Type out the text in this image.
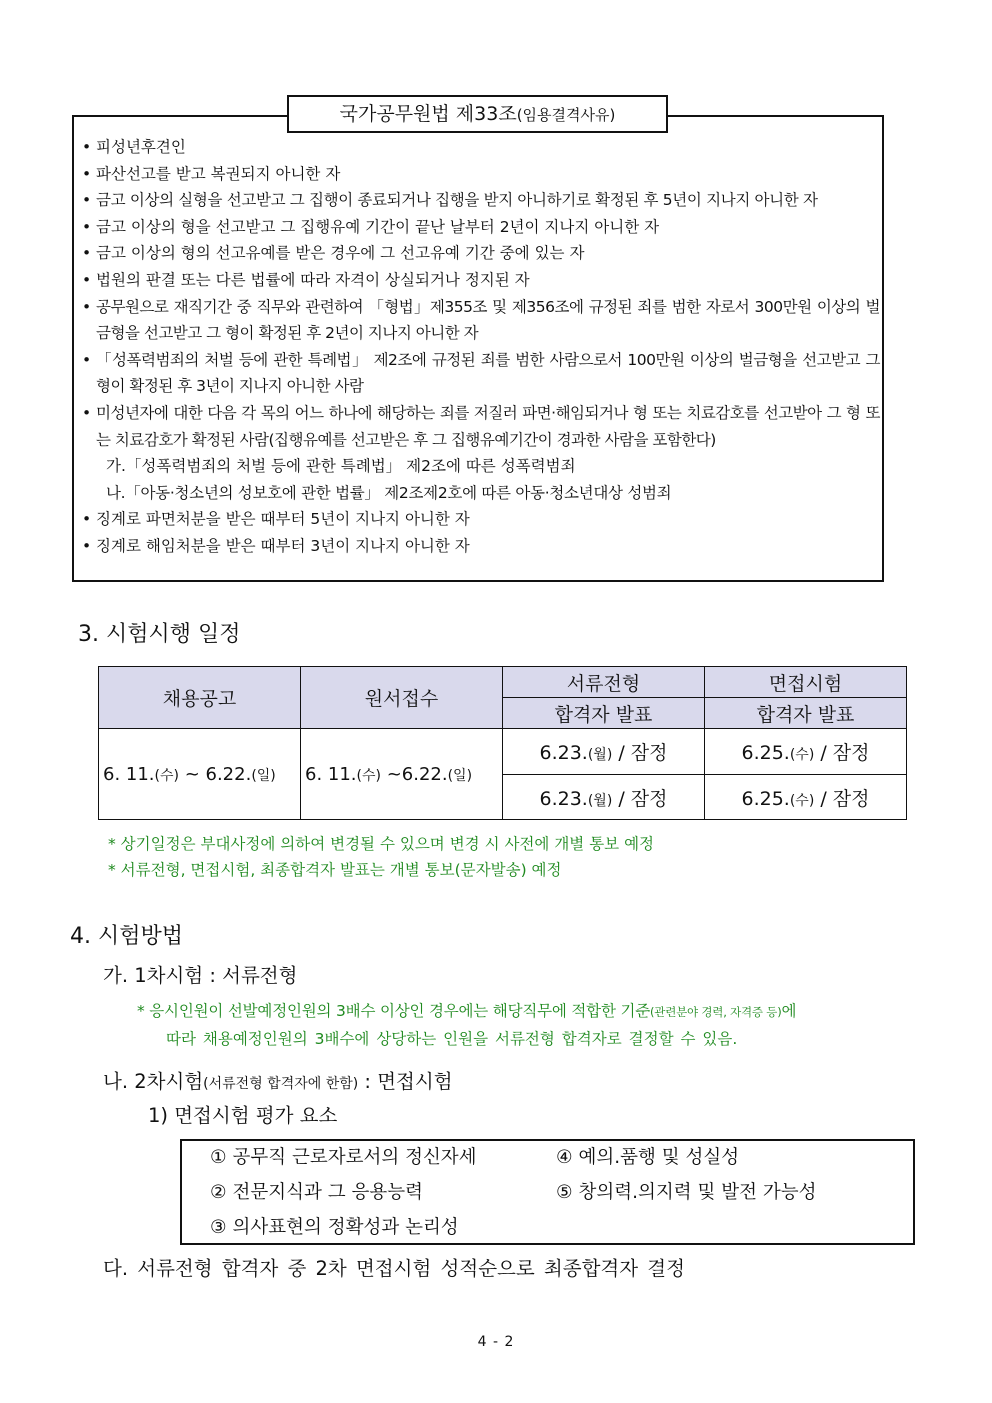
국가공무원법 제33조(임용결격사유)
• 피성년후견인
• 파산선고를 받고 복권되지 아니한 자
• 금고 이상의 실형을 선고받고 그 집행이 종료되거나 집행을 받지 아니하기로 확정된 후 5년이 지나지 아니한 자
• 금고 이상의 형을 선고받고 그 집행유예 기간이 끝난 날부터 2년이 지나지 아니한 자
• 금고 이상의 형의 선고유예를 받은 경우에 그 선고유예 기간 중에 있는 자
• 법원의 판결 또는 다른 법률에 따라 자격이 상실되거나 정지된 자
• 공무원으로 재직기간 중 직무와 관련하여 「형법」제355조 및 제356조에 규정된 죄를 범한 자로서 300만원 이상의 벌금형을 선고받고 그 형이 확정된 후 2년이 지나지 아니한 자
• 「성폭력범죄의 처벌 등에 관한 특례법」 제2조에 규정된 죄를 범한 사람으로서 100만원 이상의 벌금형을 선고받고 그 형이 확정된 후 3년이 지나지 아니한 사람
• 미성년자에 대한 다음 각 목의 어느 하나에 해당하는 죄를 저질러 파면·해임되거나 형 또는 치료감호를 선고받아 그 형 또는 치료감호가 확정된 사람(집행유예를 선고받은 후 그 집행유예기간이 경과한 사람을 포함한다)
가.「성폭력범죄의 처벌 등에 관한 특례법」 제2조에 따른 성폭력범죄
나.「아동·청소년의 성보호에 관한 법률」 제2조제2호에 따른 아동·청소년대상 성범죄
• 징계로 파면처분을 받은 때부터 5년이 지나지 아니한 자
• 징계로 해임처분을 받은 때부터 3년이 지나지 아니한 자
3. 시험시행 일정
채용공고	원서접수	서류전형	면접시험
		합격자 발표	합격자 발표
6. 11.(수) ~ 6.22.(일)	6. 11.(수) ~6.22.(일)	6.23.(월) / 잠정	6.25.(수) / 잠정
		6.23.(월) / 잠정	6.25.(수) / 잠정
* 상기일정은 부대사정에 의하여 변경될 수 있으며 변경 시 사전에 개별 통보 예정
* 서류전형, 면접시험, 최종합격자 발표는 개별 통보(문자발송) 예정
4. 시험방법
가. 1차시험 : 서류전형
* 응시인원이 선발예정인원의 3배수 이상인 경우에는 해당직무에 적합한 기준(관련분야 경력, 자격증 등)에
따라 채용예정인원의 3배수에 상당하는 인원을 서류전형 합격자로 결정할 수 있음.
나. 2차시험(서류전형 합격자에 한함) : 면접시험
1) 면접시험 평가 요소
① 공무직 근로자로서의 정신자세
② 전문지식과 그 응용능력
③ 의사표현의 정확성과 논리성
④ 예의.품행 및 성실성
⑤ 창의력.의지력 및 발전 가능성
다. 서류전형 합격자 중 2차 면접시험 성적순으로 최종합격자 결정
4 - 2
